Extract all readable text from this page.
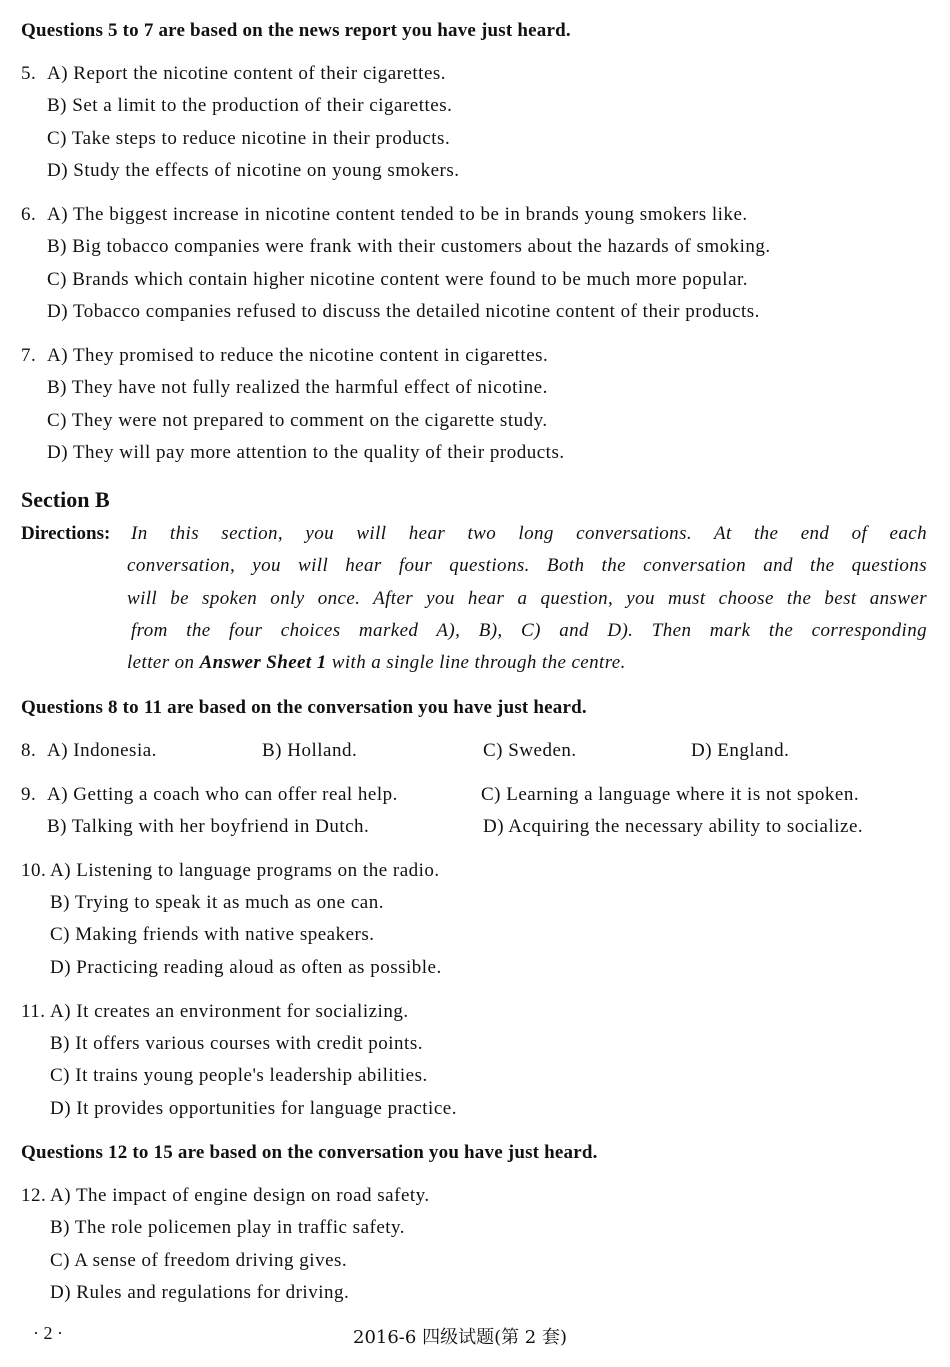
Questions 5 to 7 are based on the news report you have just heard.
5. A) Report the nicotine content of their cigarettes.
B) Set a limit to the production of their cigarettes.
C) Take steps to reduce nicotine in their products.
D) Study the effects of nicotine on young smokers.
6. A) The biggest increase in nicotine content tended to be in brands young smokers like.
B) Big tobacco companies were frank with their customers about the hazards of smoking.
C) Brands which contain higher nicotine content were found to be much more popular.
D) Tobacco companies refused to discuss the detailed nicotine content of their products.
7. A) They promised to reduce the nicotine content in cigarettes.
B) They have not fully realized the harmful effect of nicotine.
C) They were not prepared to comment on the cigarette study.
D) They will pay more attention to the quality of their products.
Section B
Directions: In this section, you will hear two long conversations. At the end of each
conversation, you will hear four questions. Both the conversation and the questions
will be spoken only once. After you hear a question, you must choose the best answer
from the four choices marked A), B), C) and D). Then mark the corresponding
letter on Answer Sheet 1 with a single line through the centre.
Questions 8 to 11 are based on the conversation you have just heard.
8. A) Indonesia.	B) Holland.	C) Sweden.	D) England.
9. A) Getting a coach who can offer real help.	C) Learning a language where it is not spoken.
B) Talking with her boyfriend in Dutch.	D) Acquiring the necessary ability to socialize.
10. A) Listening to language programs on the radio.
B) Trying to speak it as much as one can.
C) Making friends with native speakers.
D) Practicing reading aloud as often as possible.
11. A) It creates an environment for socializing.
B) It offers various courses with credit points.
C) It trains young people's leadership abilities.
D) It provides opportunities for language practice.
Questions 12 to 15 are based on the conversation you have just heard.
12. A) The impact of engine design on road safety.
B) The role policemen play in traffic safety.
C) A sense of freedom driving gives.
D) Rules and regulations for driving.
· 2 ·	2016-6 四级试题(第 2 套)
